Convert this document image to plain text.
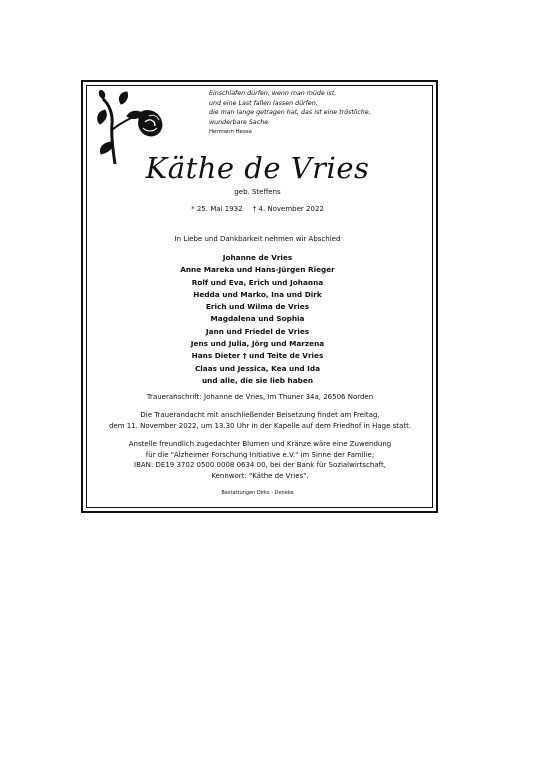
Einschlafen dürfen, wenn man müde ist,
und eine Last fallen lassen dürfen,
die man lange getragen hat, das ist eine tröstliche,
wunderbare Sache.
Hermann Hesse

Käthe de Vries

geb. Steffens

* 25. Mai 1932 † 4. November 2022

In Liebe und Dankbarkeit nehmen wir Abschied

Johanne de Vries
Anne Mareka und Hans-Jürgen Rieger
Rolf und Eva, Erich und Johanna
Hedda und Marko, Ina und Dirk
Erich und Wilma de Vries
Magdalena und Sophia
Jann und Friedel de Vries
Jens und Julia, Jörg und Marzena
Hans Dieter † und Teite de Vries
Claas und Jessica, Kea und Ida
und alle, die sie lieb haben

Traueranschrift: Johanne de Vries, Im Thuner 34a, 26506 Norden

Die Trauerandacht mit anschließender Beisetzung findet am Freitag,
dem 11. November 2022, um 13.30 Uhr in der Kapelle auf dem Friedhof in Hage statt.

Anstelle freundlich zugedachter Blumen und Kränze wäre eine Zuwendung
für die "Alzheimer Forschung Initiative e.V." im Sinne der Familie;
IBAN: DE19 3702 0500 0008 0634 00, bei der Bank für Sozialwirtschaft,
Kennwort: "Käthe de Vries".

Bestattungen Dirks - Deneke
